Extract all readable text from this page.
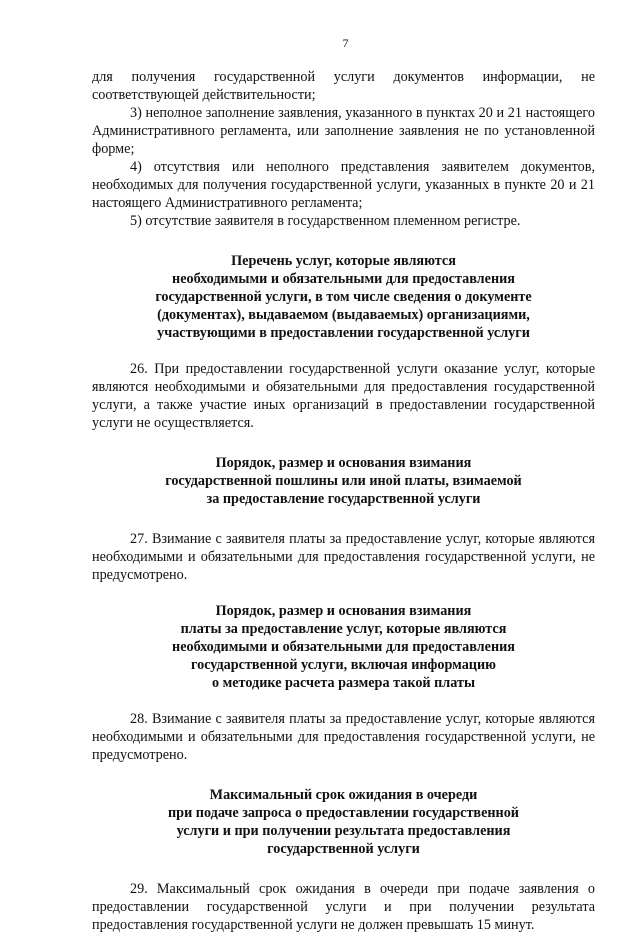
7

для получения государственной услуги документов информации, не соответствующей действительности;

3) неполное заполнение заявления, указанного в пунктах 20 и 21 настоящего Административного регламента, или заполнение заявления не по установленной форме;

4) отсутствия или неполного представления заявителем документов, необходимых для получения государственной услуги, указанных в пункте 20 и 21 настоящего Административного регламента;

5) отсутствие заявителя в государственном племенном регистре.

Перечень услуг, которые являются
необходимыми и обязательными для предоставления
государственной услуги, в том числе сведения о документе
(документах), выдаваемом (выдаваемых) организациями,
участвующими в предоставлении государственной услуги

26. При предоставлении государственной услуги оказание услуг, которые являются необходимыми и обязательными для предоставления государственной услуги, а также участие иных организаций в предоставлении государственной услуги не осуществляется.

Порядок, размер и основания взимания
государственной пошлины или иной платы, взимаемой
за предоставление государственной услуги

27. Взимание с заявителя платы за предоставление услуг, которые являются необходимыми и обязательными для предоставления государственной услуги, не предусмотрено.

Порядок, размер и основания взимания
платы за предоставление услуг, которые являются
необходимыми и обязательными для предоставления
государственной услуги, включая информацию
о методике расчета размера такой платы

28. Взимание с заявителя платы за предоставление услуг, которые являются необходимыми и обязательными для предоставления государственной услуги, не предусмотрено.

Максимальный срок ожидания в очереди
при подаче запроса о предоставлении государственной
услуги и при получении результата предоставления
государственной услуги

29. Максимальный срок ожидания в очереди при подаче заявления о предоставлении государственной услуги и при получении результата предоставления государственной услуги не должен превышать 15 минут.
